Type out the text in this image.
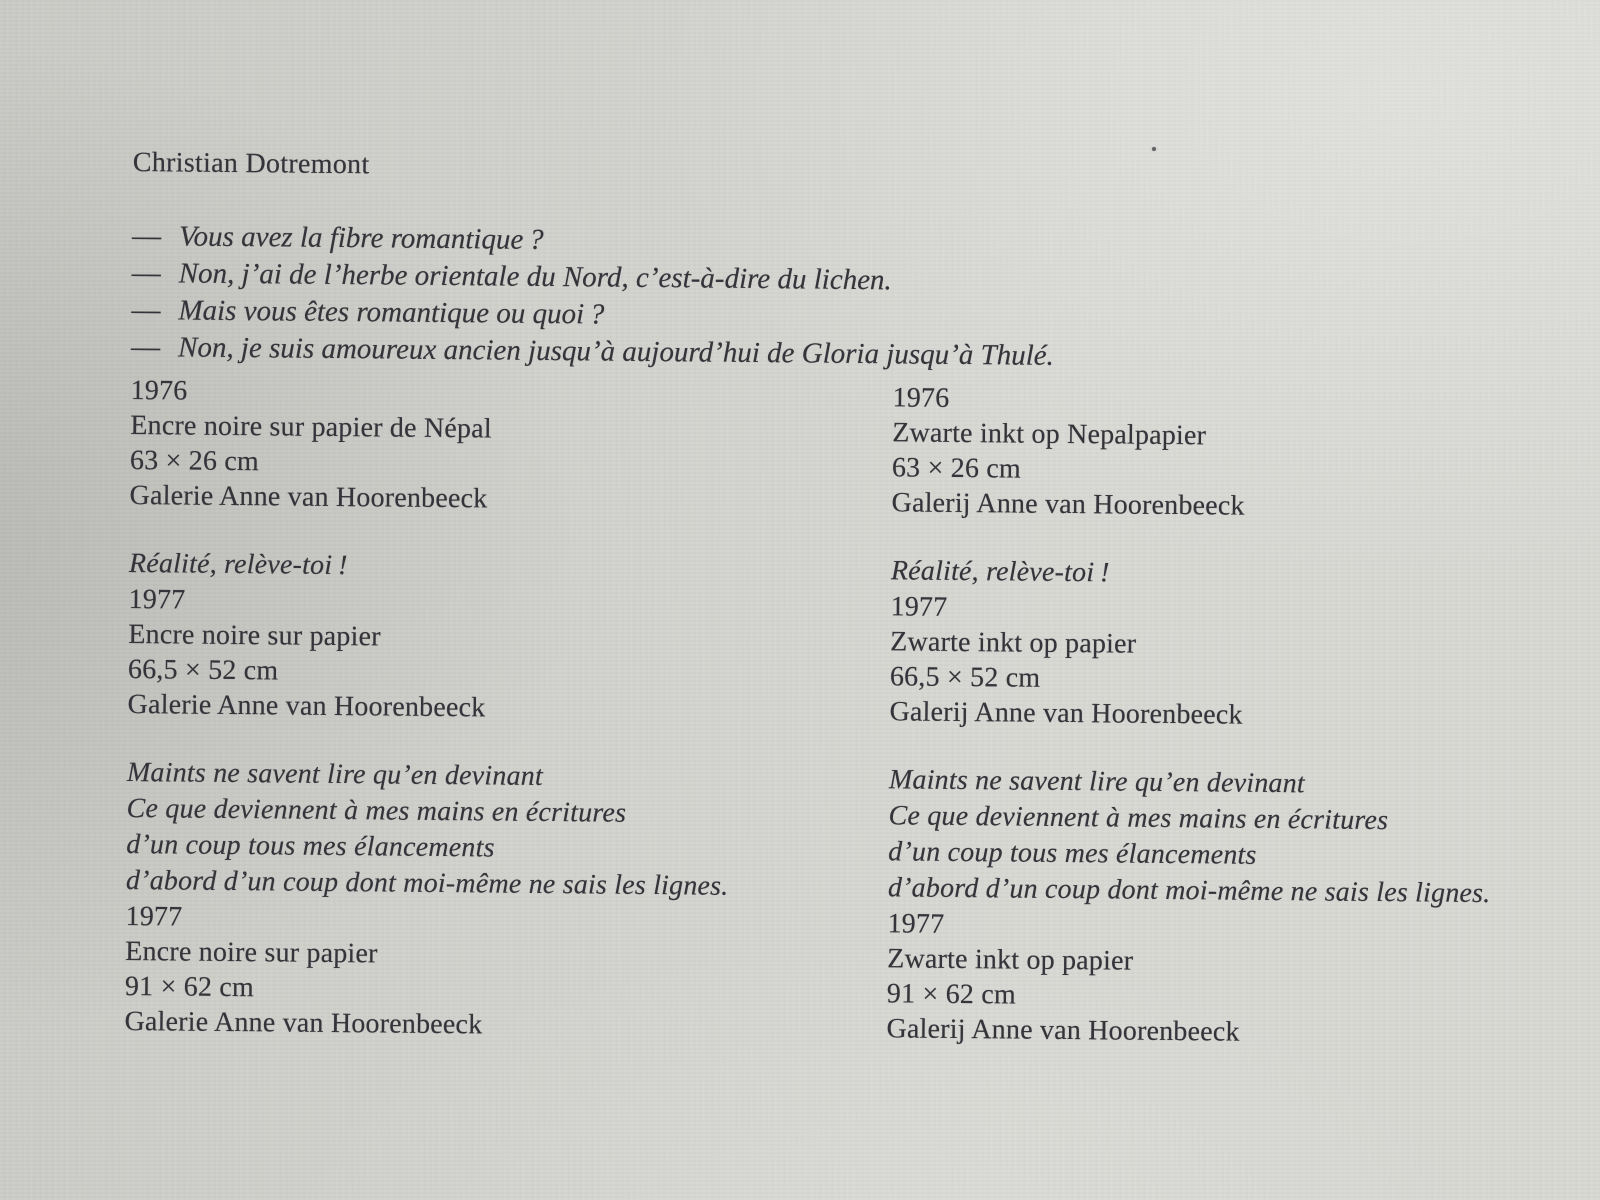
Christian Dotremont
— Vous avez la fibre romantique ?
— Non, j’ai de l’herbe orientale du Nord, c’est-à-dire du lichen.
— Mais vous êtes romantique ou quoi ?
— Non, je suis amoureux ancien jusqu’à aujourd’hui de Gloria jusqu’à Thulé.
1976
Encre noire sur papier de Népal
63 × 26 cm
Galerie Anne van Hoorenbeeck
1976
Zwarte inkt op Nepalpapier
63 × 26 cm
Galerij Anne van Hoorenbeeck
Réalité, relève-toi !
1977
Encre noire sur papier
66,5 × 52 cm
Galerie Anne van Hoorenbeeck
Réalité, relève-toi !
1977
Zwarte inkt op papier
66,5 × 52 cm
Galerij Anne van Hoorenbeeck
Maints ne savent lire qu’en devinant
Ce que deviennent à mes mains en écritures
d’un coup tous mes élancements
d’abord d’un coup dont moi-même ne sais les lignes.
1977
Encre noire sur papier
91 × 62 cm
Galerie Anne van Hoorenbeeck
Maints ne savent lire qu’en devinant
Ce que deviennent à mes mains en écritures
d’un coup tous mes élancements
d’abord d’un coup dont moi-même ne sais les lignes.
1977
Zwarte inkt op papier
91 × 62 cm
Galerij Anne van Hoorenbeeck
